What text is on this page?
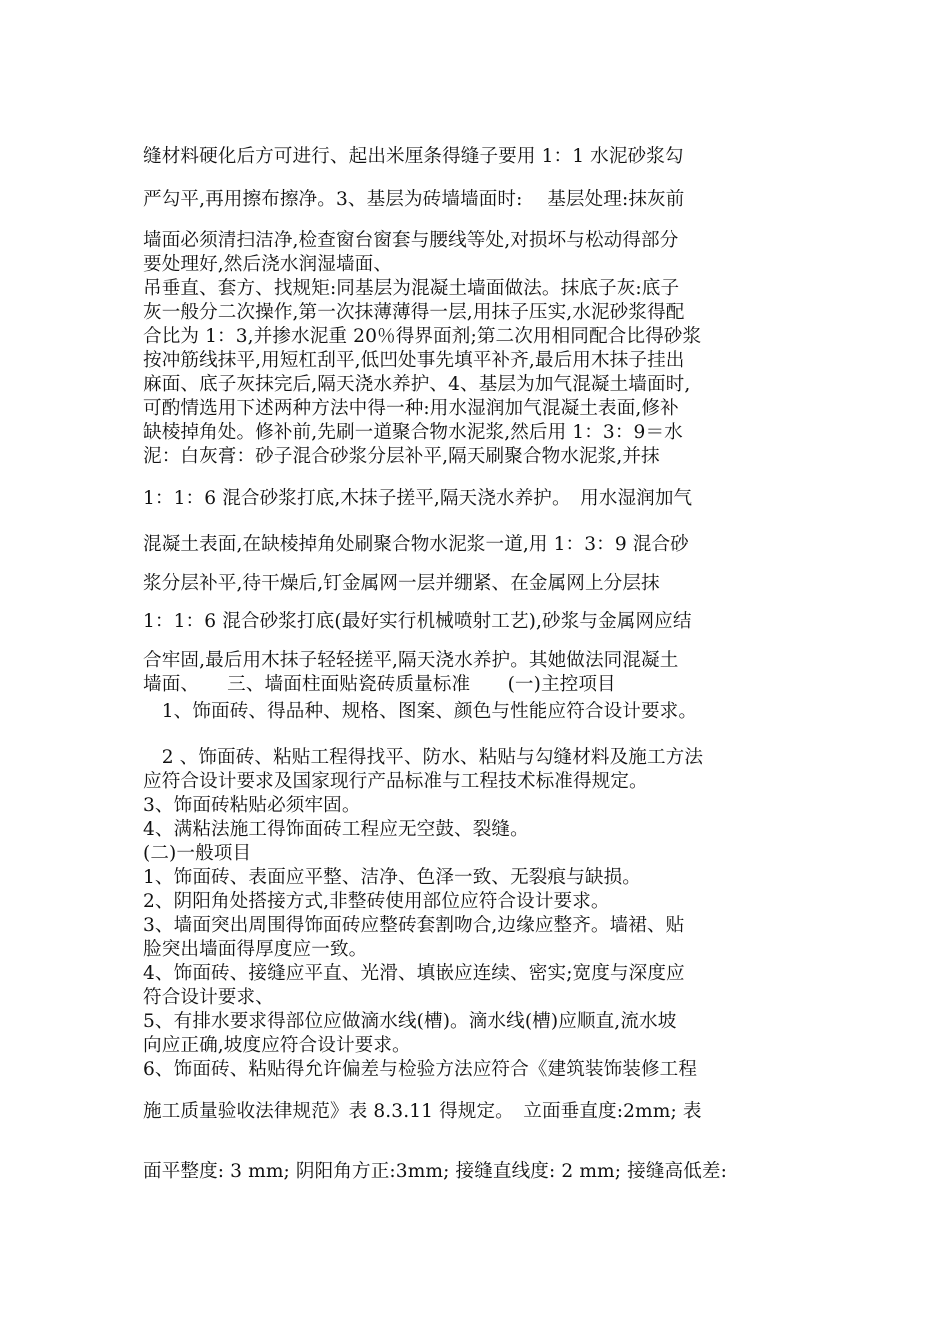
缝材料硬化后方可进行、起出米厘条得缝子要用 1：1 水泥砂浆勾
严勾平,再用擦布擦净。3、基层为砖墙墙面时:　 基层处理:抹灰前
墙面必须清扫洁净,检查窗台窗套与腰线等处,对损坏与松动得部分
要处理好,然后浇水润湿墙面、
吊垂直、套方、找规矩:同基层为混凝土墙面做法。抹底子灰:底子
灰一般分二次操作,第一次抹薄薄得一层,用抹子压实,水泥砂浆得配
合比为 1：3,并掺水泥重 20％得界面剂;第二次用相同配合比得砂浆
按冲筋线抹平,用短杠刮平,低凹处事先填平补齐,最后用木抹子挂出
麻面、底子灰抹完后,隔天浇水养护、4、基层为加气混凝土墙面时,
可酌情选用下述两种方法中得一种:用水湿润加气混凝土表面,修补
缺棱掉角处。修补前,先刷一道聚合物水泥浆,然后用 1：3：9＝水
泥：白灰膏：砂子混合砂浆分层补平,隔天刷聚合物水泥浆,并抹
1：1：6 混合砂浆打底,木抹子搓平,隔天浇水养护。　用水湿润加气
混凝土表面,在缺棱掉角处刷聚合物水泥浆一道,用 1：3：9 混合砂
浆分层补平,待干燥后,钉金属网一层并绷紧、在金属网上分层抹
1：1：6 混合砂浆打底(最好实行机械喷射工艺),砂浆与金属网应结
合牢固,最后用木抹子轻轻搓平,隔天浇水养护。其她做法同混凝土
墙面、　　三、墙面柱面贴瓷砖质量标准　　(一)主控项目
　1、饰面砖、得品种、规格、图案、颜色与性能应符合设计要求。
　2 、饰面砖、粘贴工程得找平、防水、粘贴与勾缝材料及施工方法
应符合设计要求及国家现行产品标准与工程技术标准得规定。
3、饰面砖粘贴必须牢固。
4、满粘法施工得饰面砖工程应无空鼓、裂缝。
(二)一般项目
1、饰面砖、表面应平整、洁净、色泽一致、无裂痕与缺损。
2、阴阳角处搭接方式,非整砖使用部位应符合设计要求。
3、墙面突出周围得饰面砖应整砖套割吻合,边缘应整齐。墙裙、贴
脸突出墙面得厚度应一致。
4、饰面砖、接缝应平直、光滑、填嵌应连续、密实;宽度与深度应
符合设计要求、
5、有排水要求得部位应做滴水线(槽)。滴水线(槽)应顺直,流水坡
向应正确,坡度应符合设计要求。
6、饰面砖、粘贴得允许偏差与检验方法应符合《建筑装饰装修工程
施工质量验收法律规范》表 8.3.11 得规定。　立面垂直度:2mm; 表
面平整度: 3 mm; 阴阳角方正:3mm; 接缝直线度: 2 mm; 接缝高低差:
